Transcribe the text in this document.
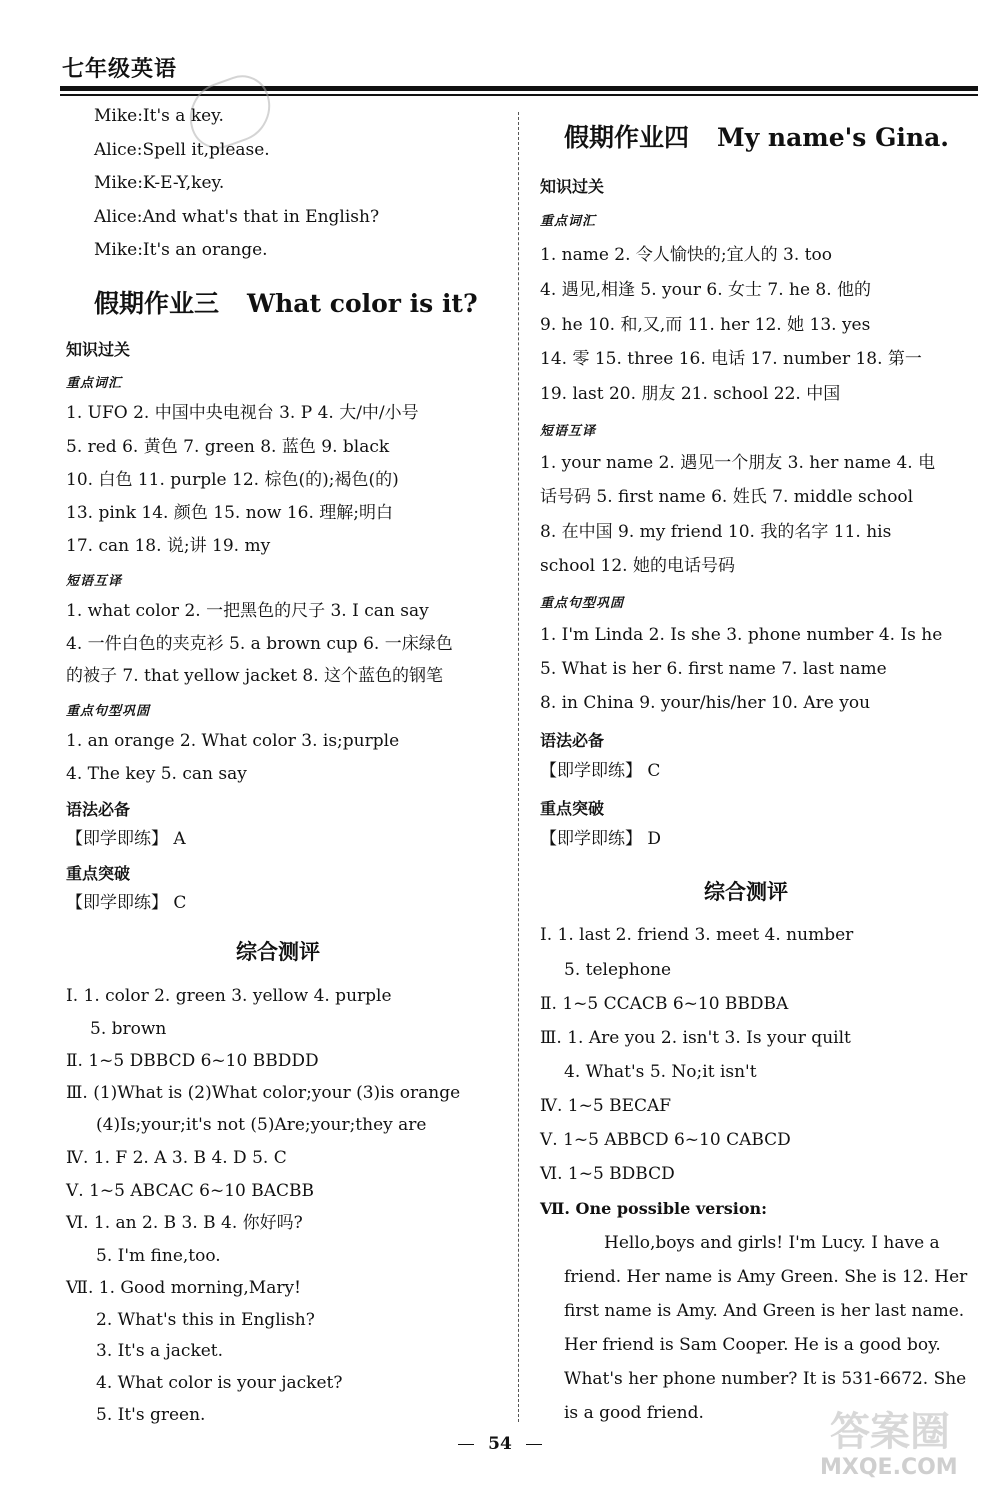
七年级英语
Mike:It's a key.
Alice:Spell it,please.
Mike:K-E-Y,key.
Alice:And what's that in English?
Mike:It's an orange.
假期作业三 What color is it?
知识过关
重点词汇
1. UFO 2. 中国中央电视台 3. P 4. 大/中/小号
5. red 6. 黄色 7. green 8. 蓝色 9. black
10. 白色 11. purple 12. 棕色(的);褐色(的)
13. pink 14. 颜色 15. now 16. 理解;明白
17. can 18. 说;讲 19. my
短语互译
1. what color 2. 一把黑色的尺子 3. I can say
4. 一件白色的夹克衫 5. a brown cup 6. 一床绿色
的被子 7. that yellow jacket 8. 这个蓝色的钢笔
重点句型巩固
1. an orange 2. What color 3. is;purple
4. The key 5. can say
语法必备
【即学即练】 A
重点突破
【即学即练】 C
综合测评
Ⅰ. 1. color 2. green 3. yellow 4. purple
5. brown
Ⅱ. 1~5 DBBCD 6~10 BBDDD
Ⅲ. (1)What is (2)What color;your (3)is orange
(4)Is;your;it's not (5)Are;your;they are
Ⅳ. 1. F 2. A 3. B 4. D 5. C
Ⅴ. 1~5 ABCAC 6~10 BACBB
Ⅵ. 1. an 2. B 3. B 4. 你好吗?
5. I'm fine,too.
Ⅶ. 1. Good morning,Mary!
2. What's this in English?
3. It's a jacket.
4. What color is your jacket?
5. It's green.
假期作业四 My name's Gina.
知识过关
重点词汇
1. name 2. 令人愉快的;宜人的 3. too
4. 遇见,相逢 5. your 6. 女士 7. he 8. 他的
9. he 10. 和,又,而 11. her 12. 她 13. yes
14. 零 15. three 16. 电话 17. number 18. 第一
19. last 20. 朋友 21. school 22. 中国
短语互译
1. your name 2. 遇见一个朋友 3. her name 4. 电
话号码 5. first name 6. 姓氏 7. middle school
8. 在中国 9. my friend 10. 我的名字 11. his
school 12. 她的电话号码
重点句型巩固
1. I'm Linda 2. Is she 3. phone number 4. Is he
5. What is her 6. first name 7. last name
8. in China 9. your/his/her 10. Are you
语法必备
【即学即练】 C
重点突破
【即学即练】 D
综合测评
Ⅰ. 1. last 2. friend 3. meet 4. number
5. telephone
Ⅱ. 1~5 CCACB 6~10 BBDBA
Ⅲ. 1. Are you 2. isn't 3. Is your quilt
4. What's 5. No;it isn't
Ⅳ. 1~5 BECAF
Ⅴ. 1~5 ABBCD 6~10 CABCD
Ⅵ. 1~5 BDBCD
Ⅶ. One possible version:
Hello,boys and girls! I'm Lucy. I have a
friend. Her name is Amy Green. She is 12. Her
first name is Amy. And Green is her last name.
Her friend is Sam Cooper. He is a good boy.
What's her phone number? It is 531-6672. She
is a good friend.
54	答案圈
MXQE.COM
